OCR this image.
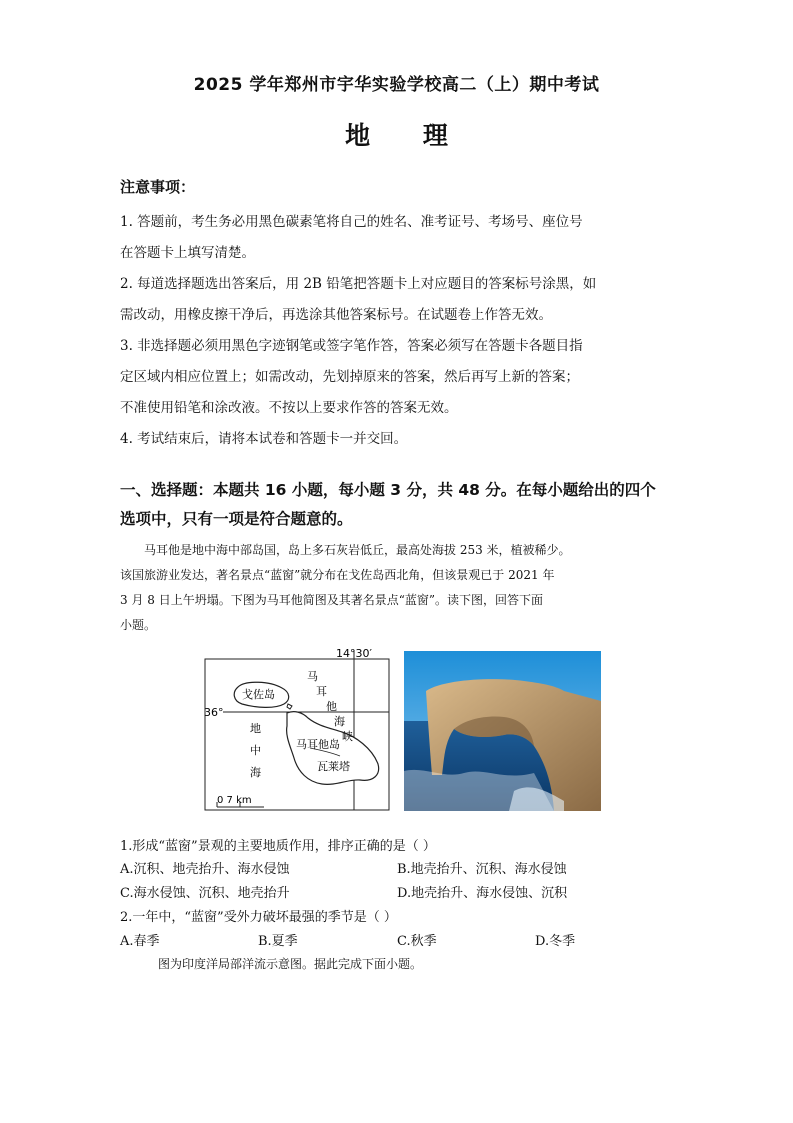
2025 学年郑州市宇华实验学校高二（上）期中考试
地 理
注意事项：
1. 答题前，考生务必用黑色碳素笔将自己的姓名、准考证号、考场号、座位号
在答题卡上填写清楚。
2. 每道选择题选出答案后，用 2B 铅笔把答题卡上对应题目的答案标号涂黑，如
需改动，用橡皮擦干净后，再选涂其他答案标号。在试题卷上作答无效。
3. 非选择题必须用黑色字迹钢笔或签字笔作答，答案必须写在答题卡各题目指
定区域内相应位置上；如需改动，先划掉原来的答案，然后再写上新的答案；
不准使用铅笔和涂改液。不按以上要求作答的答案无效。
4. 考试结束后，请将本试卷和答题卡一并交回。
一、选择题：本题共 16 小题，每小题 3 分，共 48 分。在每小题给出的四个
选项中，只有一项是符合题意的。
马耳他是地中海中部岛国，岛上多石灰岩低丘，最高处海拔 253 米，植被稀少。
该国旅游业发达，著名景点“蓝窗”就分布在戈佐岛西北角，但该景观已于 2021 年
3 月 8 日上午坍塌。下图为马耳他简图及其著名景点“蓝窗”。读下图，回答下面
小题。
14°30′
36°
戈佐岛
马
耳
他
海
峡
地
中
海
马耳他岛
瓦莱塔
0 7 km
1.形成“蓝窗”景观的主要地质作用，排序正确的是（ ）
A.沉积、地壳抬升、海水侵蚀	B.地壳抬升、沉积、海水侵蚀
C.海水侵蚀、沉积、地壳抬升	D.地壳抬升、海水侵蚀、沉积
2.一年中，“蓝窗”受外力破坏最强的季节是（ ）
A.春季	B.夏季	C.秋季	D.冬季
图为印度洋局部洋流示意图。据此完成下面小题。
